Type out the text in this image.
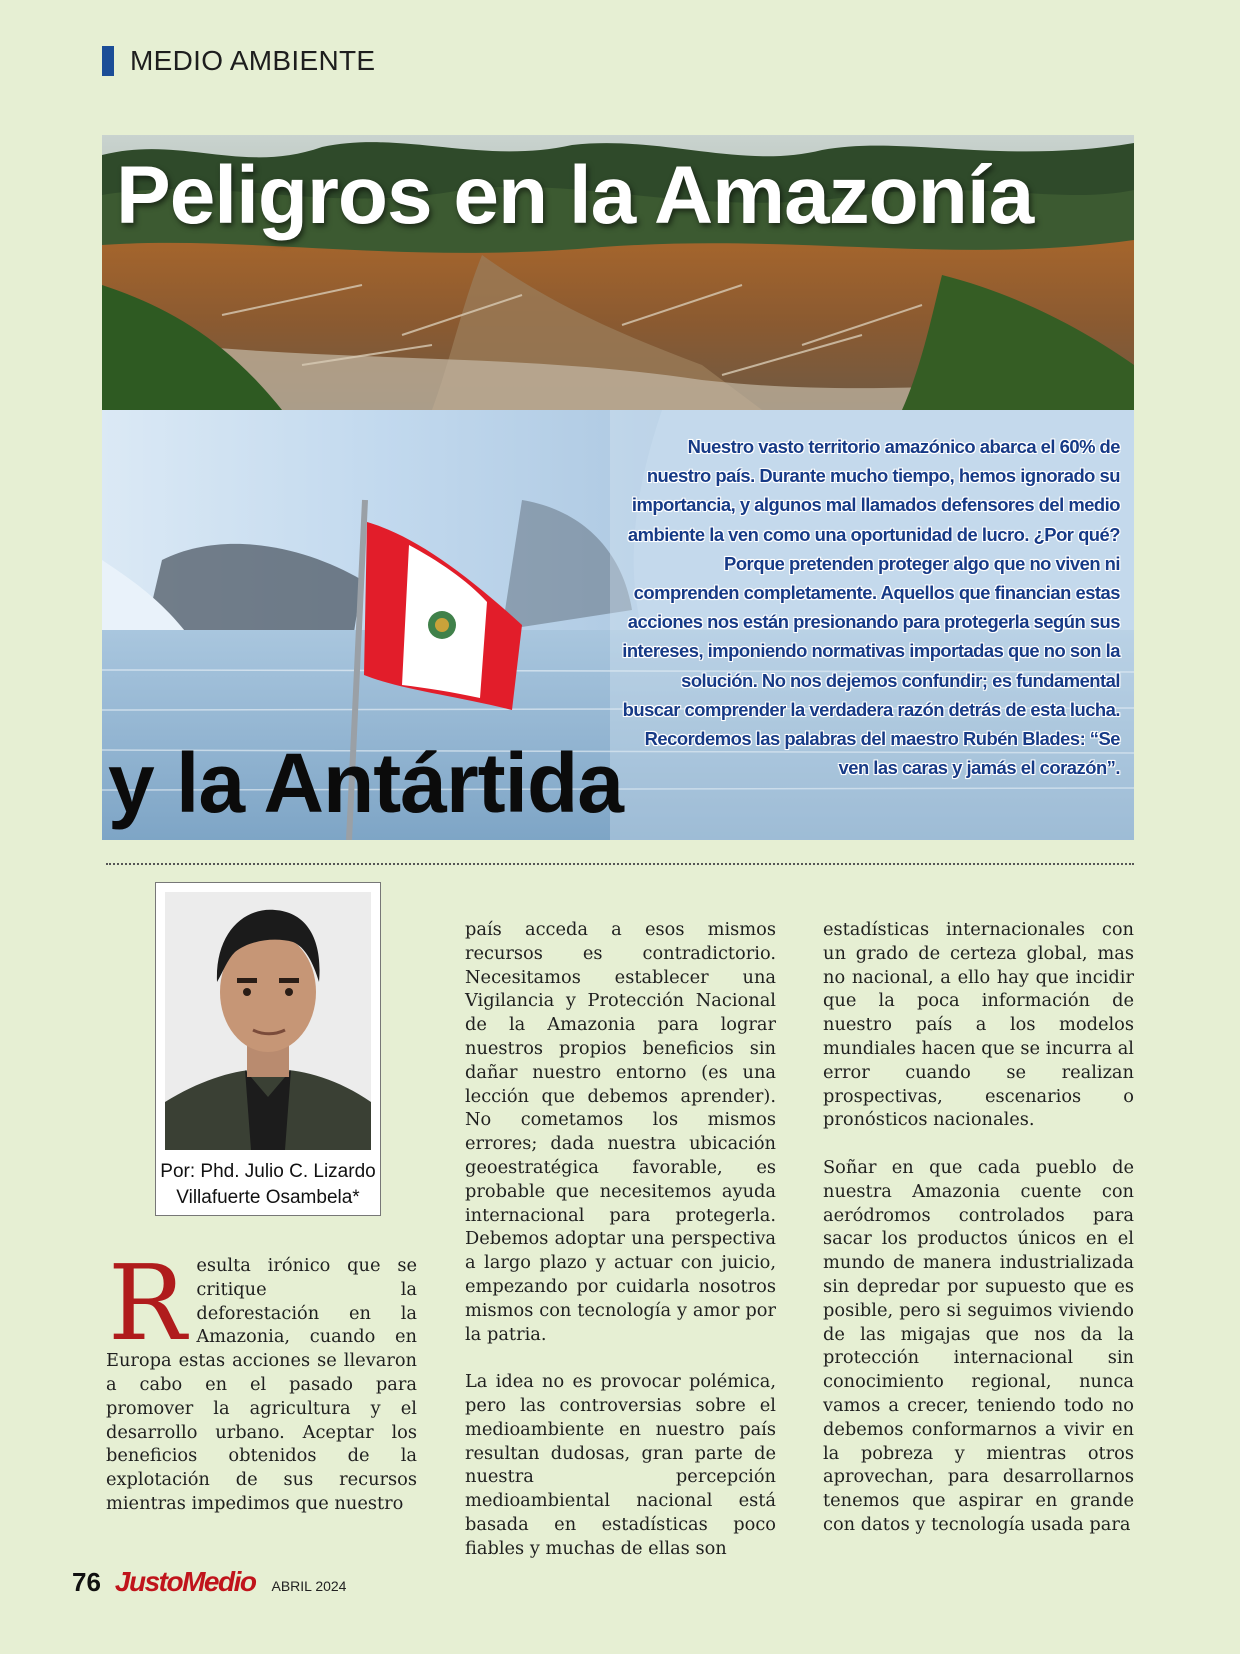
MEDIO AMBIENTE
Peligros en la Amazonía
y la Antártida

Nuestro vasto territorio amazónico abarca el 60% de nuestro país. Durante mucho tiempo, hemos ignorado su importancia, y algunos mal llamados defensores del medio ambiente la ven como una oportunidad de lucro. ¿Por qué? Porque pretenden proteger algo que no viven ni comprenden completamente. Aquellos que financian estas acciones nos están presionando para protegerla según sus intereses, imponiendo normativas importadas que no son la solución. No nos dejemos confundir; es fundamental buscar comprender la verdadera razón detrás de esta lucha. Recordemos las palabras del maestro Rubén Blades: “Se ven las caras y jamás el corazón”.

Por: Phd. Julio C. Lizardo
Villafuerte Osambela*

Resulta irónico que se critique la deforestación en la Amazonia, cuando en Europa estas acciones se llevaron a cabo en el pasado para promover la agricultura y el desarrollo urbano. Aceptar los beneficios obtenidos de la explotación de sus recursos mientras impedimos que nuestro

país acceda a esos mismos recursos es contradictorio. Necesitamos establecer una Vigilancia y Protección Nacional de la Amazonia para lograr nuestros propios beneficios sin dañar nuestro entorno (es una lección que debemos aprender). No cometamos los mismos errores; dada nuestra ubicación geoestratégica favorable, es probable que necesitemos ayuda internacional para protegerla. Debemos adoptar una perspectiva a largo plazo y actuar con juicio, empezando por cuidarla nosotros mismos con tecnología y amor por la patria.

La idea no es provocar polémica, pero las controversias sobre el medioambiente en nuestro país resultan dudosas, gran parte de nuestra percepción medioambiental nacional está basada en estadísticas poco fiables y muchas de ellas son

estadísticas internacionales con un grado de certeza global, mas no nacional, a ello hay que incidir que la poca información de nuestro país a los modelos mundiales hacen que se incurra al error cuando se realizan prospectivas, escenarios o pronósticos nacionales.

Soñar en que cada pueblo de nuestra Amazonia cuente con aeródromos controlados para sacar los productos únicos en el mundo de manera industrializada sin depredar por supuesto que es posible, pero si seguimos viviendo de las migajas que nos da la protección internacional sin conocimiento regional, nunca vamos a crecer, teniendo todo no debemos conformarnos a vivir en la pobreza y mientras otros aprovechan, para desarrollarnos tenemos que aspirar en grande con datos y tecnología usada para

76 JustoMedio ABRIL 2024
